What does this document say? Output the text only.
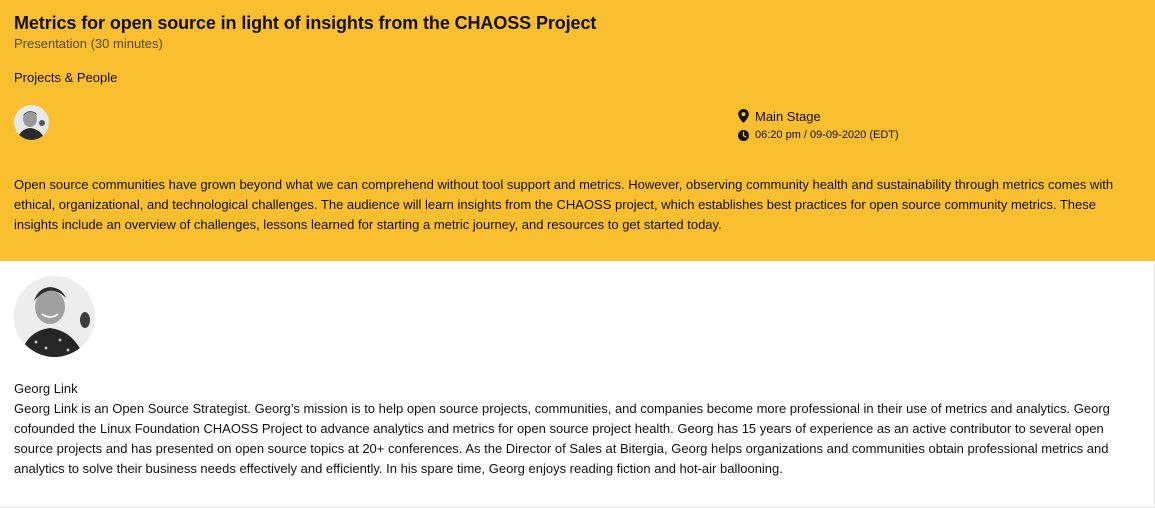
Metrics for open source in light of insights from the CHAOSS Project
Presentation (30 minutes)
Projects & People
Main Stage
06:20 pm / 09-09-2020 (EDT)
Open source communities have grown beyond what we can comprehend without tool support and metrics. However, observing community health and sustainability through metrics comes with ethical, organizational, and technological challenges. The audience will learn insights from the CHAOSS project, which establishes best practices for open source community metrics. These insights include an overview of challenges, lessons learned for starting a metric journey, and resources to get started today.
Georg Link
Georg Link is an Open Source Strategist. Georg’s mission is to help open source projects, communities, and companies become more professional in their use of metrics and analytics. Georg cofounded the Linux Foundation CHAOSS Project to advance analytics and metrics for open source project health. Georg has 15 years of experience as an active contributor to several open source projects and has presented on open source topics at 20+ conferences. As the Director of Sales at Bitergia, Georg helps organizations and communities obtain professional metrics and analytics to solve their business needs effectively and efficiently. In his spare time, Georg enjoys reading fiction and hot-air ballooning.
